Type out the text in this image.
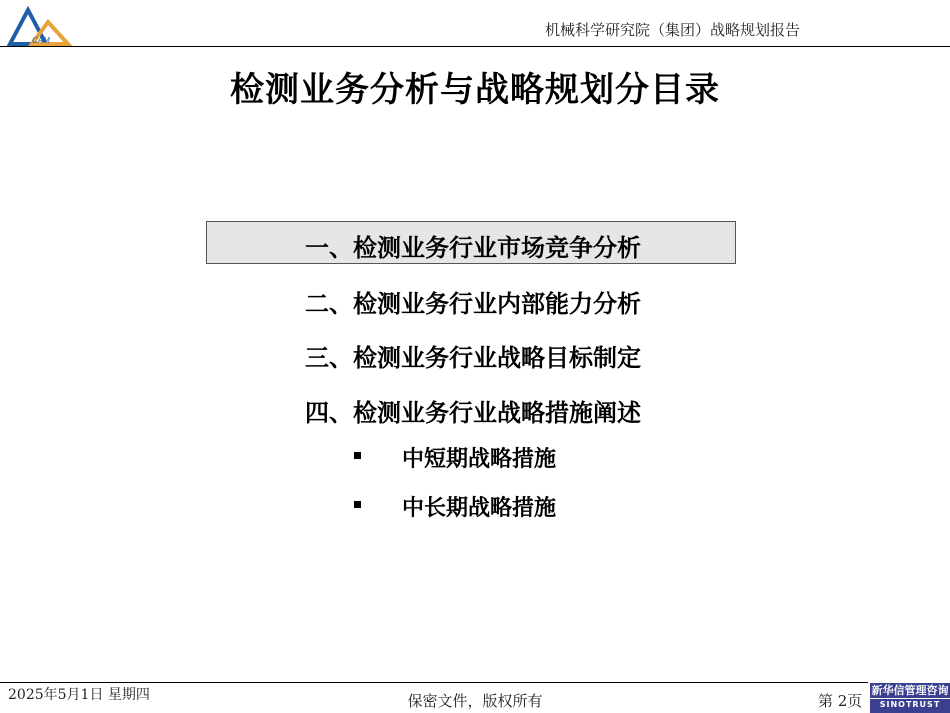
CAM
机械科学研究院（集团）战略规划报告
检测业务分析与战略规划分目录
一、检测业务行业市场竞争分析
二、检测业务行业内部能力分析
三、检测业务行业战略目标制定
四、检测业务行业战略措施阐述
中短期战略措施
中长期战略措施
2025年5月1日 星期四	保密文件，版权所有	第 2页
新华信管理咨询
SINOTRUST
